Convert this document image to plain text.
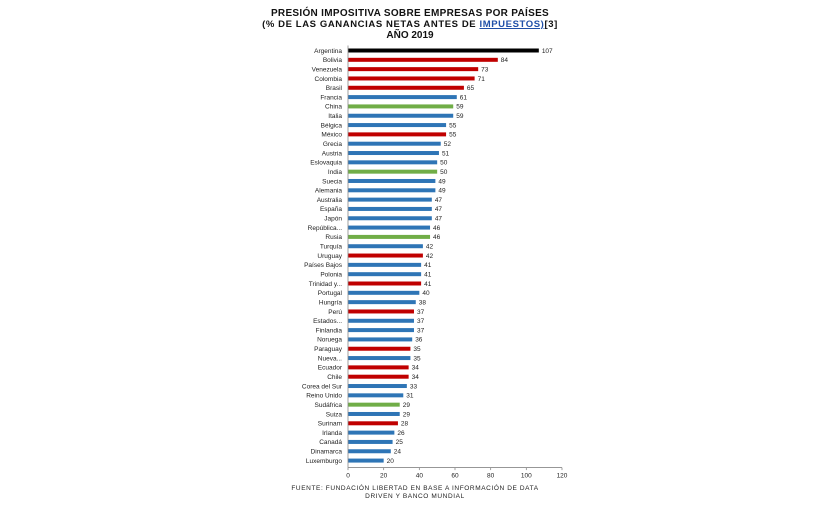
PRESIÓN IMPOSITIVA SOBRE EMPRESAS POR PAÍSES
(% DE LAS GANANCIAS NETAS ANTES DE IMPUESTOS)[3]
AÑO 2019
Argentina	107
Bolivia	84
Venezuela	73
Colombia	71
Brasil	65
Francia	61
China	59
Italia	59
Bélgica	55
México	55
Grecia	52
Austria	51
Eslovaquia	50
India	50
Suecia	49
Alemania	49
Australia	47
España	47
Japón	47
República...	46
Rusia	46
Turquía	42
Uruguay	42
Países Bajos	41
Polonia	41
Trinidad y...	41
Portugal	40
Hungría	38
Perú	37
Estados...	37
Finlandia	37
Noruega	36
Paraguay	35
Nueva...	35
Ecuador	34
Chile	34
Corea del Sur	33
Reino Unido	31
Sudáfrica	29
Suiza	29
Surinam	28
Irlanda	26
Canadá	25
Dinamarca	24
Luxemburgo	20
0	20	40	60	80	100	120
FUENTE: FUNDACIÓN LIBERTAD EN BASE A INFORMACIÓN DE DATA
DRIVEN Y BANCO MUNDIAL
